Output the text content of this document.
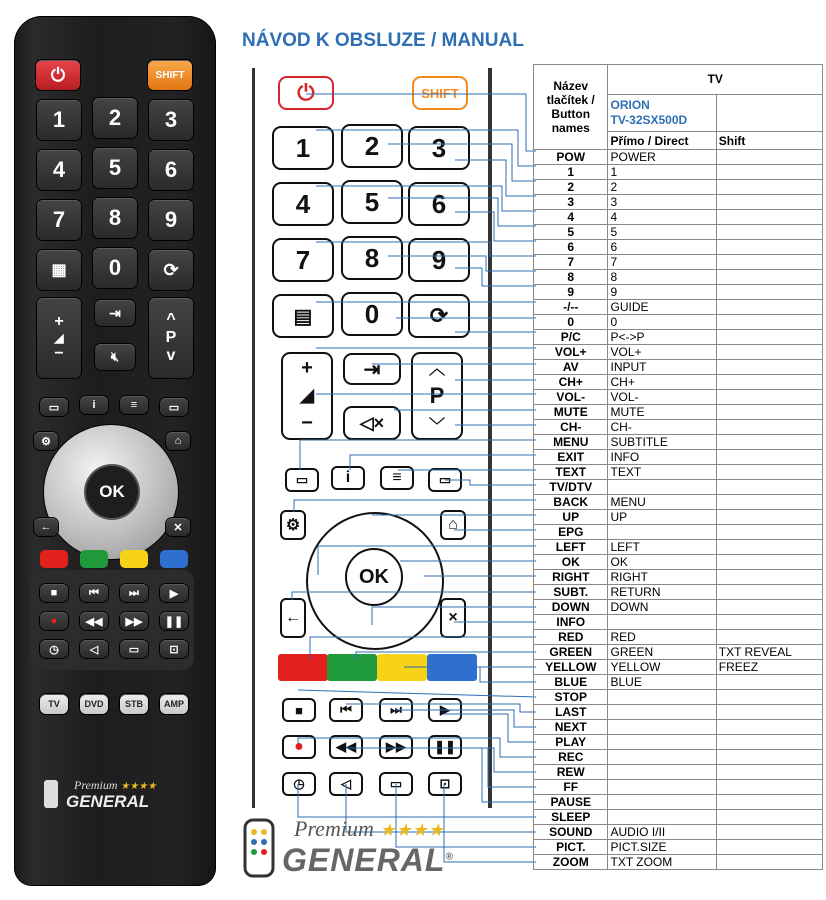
⏻	SHIFT
1	2	3
4	5	6
7	8	9
▦	0	⟳
+
◢
−
⇥
🔇︎
^
P
v
▭	i	≡	▭
⚙	⌂
OK
←	✕
■	⏮	⏭	▶
●	◀◀ ▶▶ ❚❚
◷	◁	▭	⊡
TV	DVD	STB	AMP
Premium ★★★★
GENERAL
NÁVOD K OBSLUZE / MANUAL
⏻	SHIFT
1	2	3
4	5	6
7	8	9
▤	0	⟳
+
◢
−
⇥
◁×
︿
P
﹀
▭	i	≡	▭
⚙	⌂
OK
←	×
■	⏮	⏭	▶
● ◀◀ ▶▶ ❚❚
◷	◁	▭	⊡
Název tlačítek / Button names	TV	

	ORION
TV-32SX500D	

	Přímo / Direct	Shift
POW	POWER	
1	1	
2	2	
3	3	
4	4	
5	5	
6	6	
7	7	
8	8	
9	9	
-/--	GUIDE	
0	0	
P/C	P<->P	
VOL+	VOL+	
AV	INPUT	
CH+	CH+	
VOL-	VOL-	
MUTE	MUTE	
CH-	CH-	
MENU	SUBTITLE	
EXIT	INFO	
TEXT	TEXT	
TV/DTV		
BACK	MENU	
UP	UP	
EPG		
LEFT	LEFT	
OK	OK	
RIGHT	RIGHT	
SUBT.	RETURN	
DOWN	DOWN	
INFO		
RED	RED	
GREEN	GREEN	TXT REVEAL
YELLOW	YELLOW	FREEZ
BLUE	BLUE	
STOP		
LAST		
NEXT		
PLAY		
REC		
REW		
FF		
PAUSE		
SLEEP		
SOUND	AUDIO I/II	
PICT.	PICT.SIZE	
ZOOM	TXT ZOOM	
Premium ★★★★
GENERAL®
